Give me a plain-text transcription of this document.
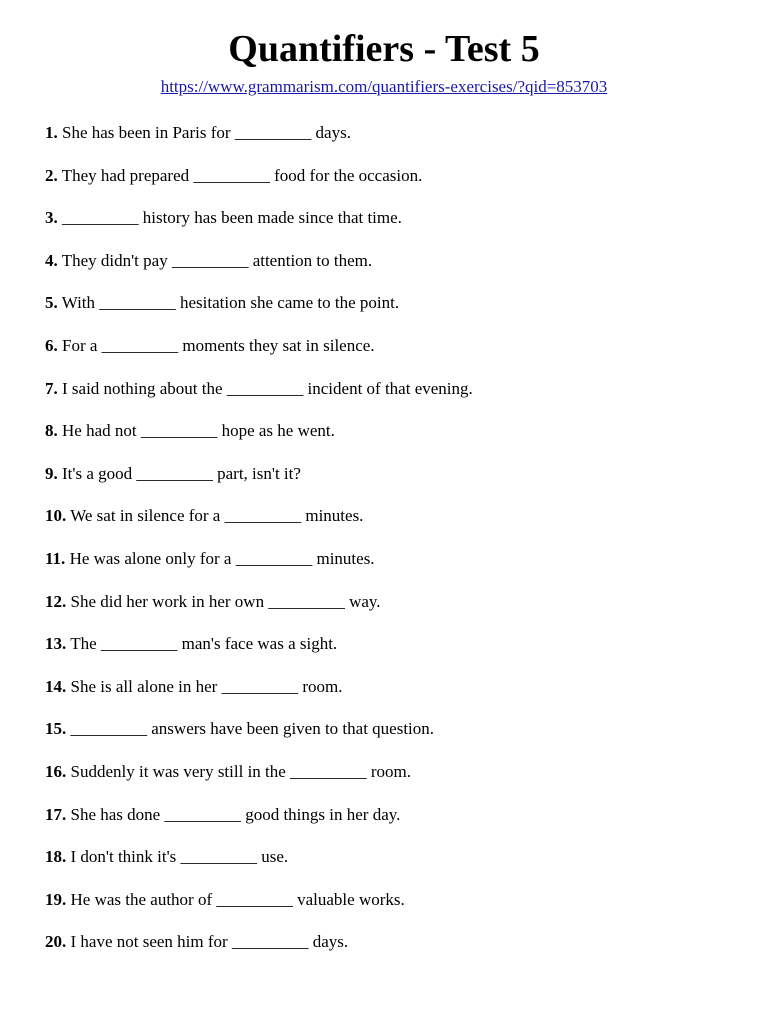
Quantifiers - Test 5
https://www.grammarism.com/quantifiers-exercises/?qid=853703
1. She has been in Paris for _________ days.
2. They had prepared _________ food for the occasion.
3. _________ history has been made since that time.
4. They didn't pay _________ attention to them.
5. With _________ hesitation she came to the point.
6. For a _________ moments they sat in silence.
7. I said nothing about the _________ incident of that evening.
8. He had not _________ hope as he went.
9. It's a good _________ part, isn't it?
10. We sat in silence for a _________ minutes.
11. He was alone only for a _________ minutes.
12. She did her work in her own _________ way.
13. The _________ man's face was a sight.
14. She is all alone in her _________ room.
15. _________ answers have been given to that question.
16. Suddenly it was very still in the _________ room.
17. She has done _________ good things in her day.
18. I don't think it's _________ use.
19. He was the author of _________ valuable works.
20. I have not seen him for _________ days.
